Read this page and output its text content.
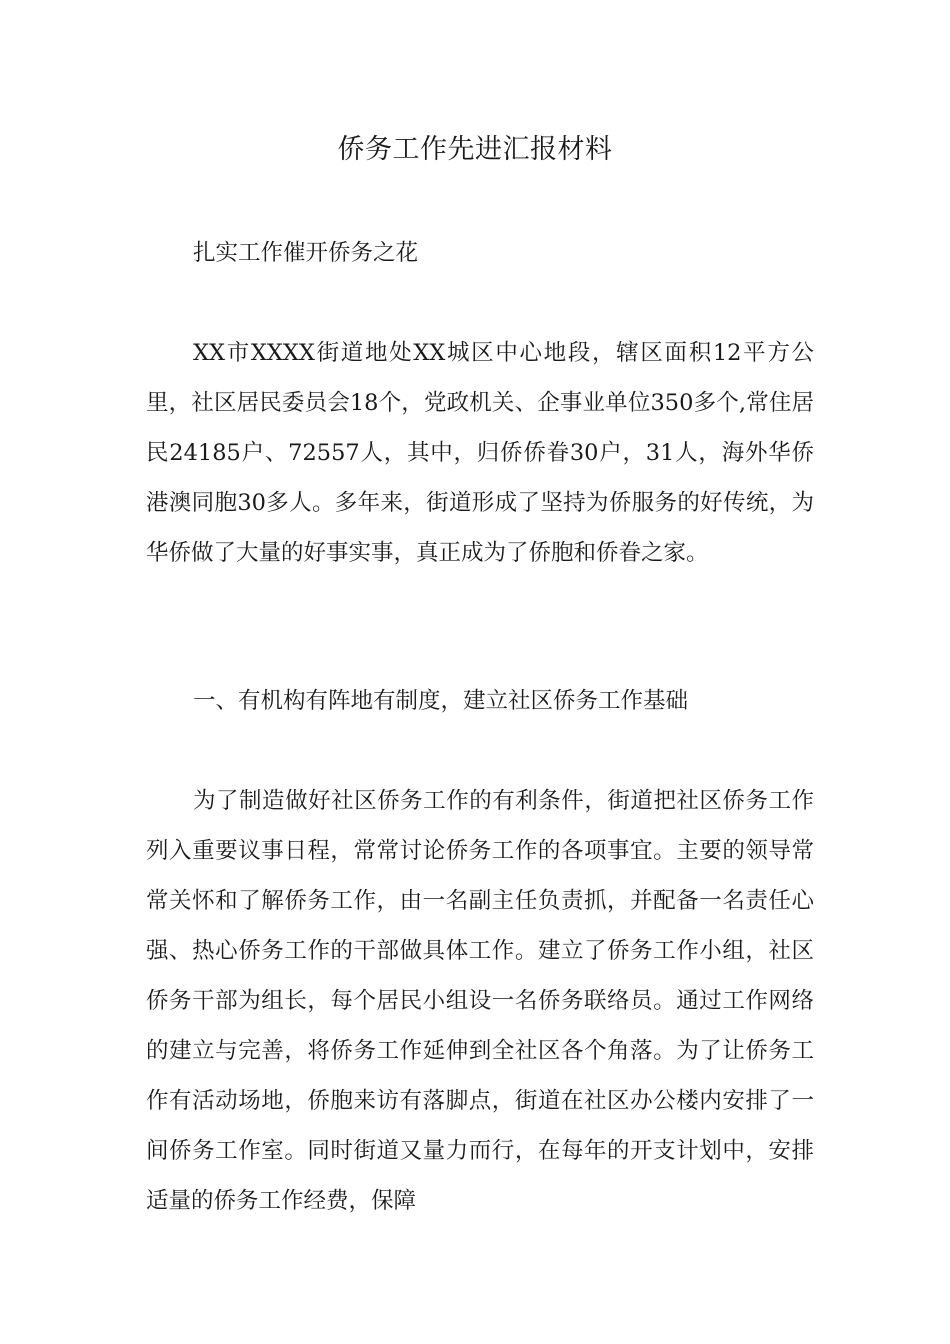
侨务工作先进汇报材料
扎实工作催开侨务之花
XX市XXXX街道地处XX城区中心地段，辖区面积12平方公里，社区居民委员会18个，党政机关、企事业单位350多个,常住居民24185户、72557人，其中，归侨侨眷30户，31人，海外华侨港澳同胞30多人。多年来，街道形成了坚持为侨服务的好传统，为华侨做了大量的好事实事，真正成为了侨胞和侨眷之家。
一、有机构有阵地有制度，建立社区侨务工作基础
为了制造做好社区侨务工作的有利条件，街道把社区侨务工作列入重要议事日程，常常讨论侨务工作的各项事宜。主要的领导常常关怀和了解侨务工作，由一名副主任负责抓，并配备一名责任心强、热心侨务工作的干部做具体工作。建立了侨务工作小组，社区侨务干部为组长，每个居民小组设一名侨务联络员。通过工作网络的建立与完善，将侨务工作延伸到全社区各个角落。为了让侨务工作有活动场地，侨胞来访有落脚点，街道在社区办公楼内安排了一间侨务工作室。同时街道又量力而行，在每年的开支计划中，安排适量的侨务工作经费，保障
